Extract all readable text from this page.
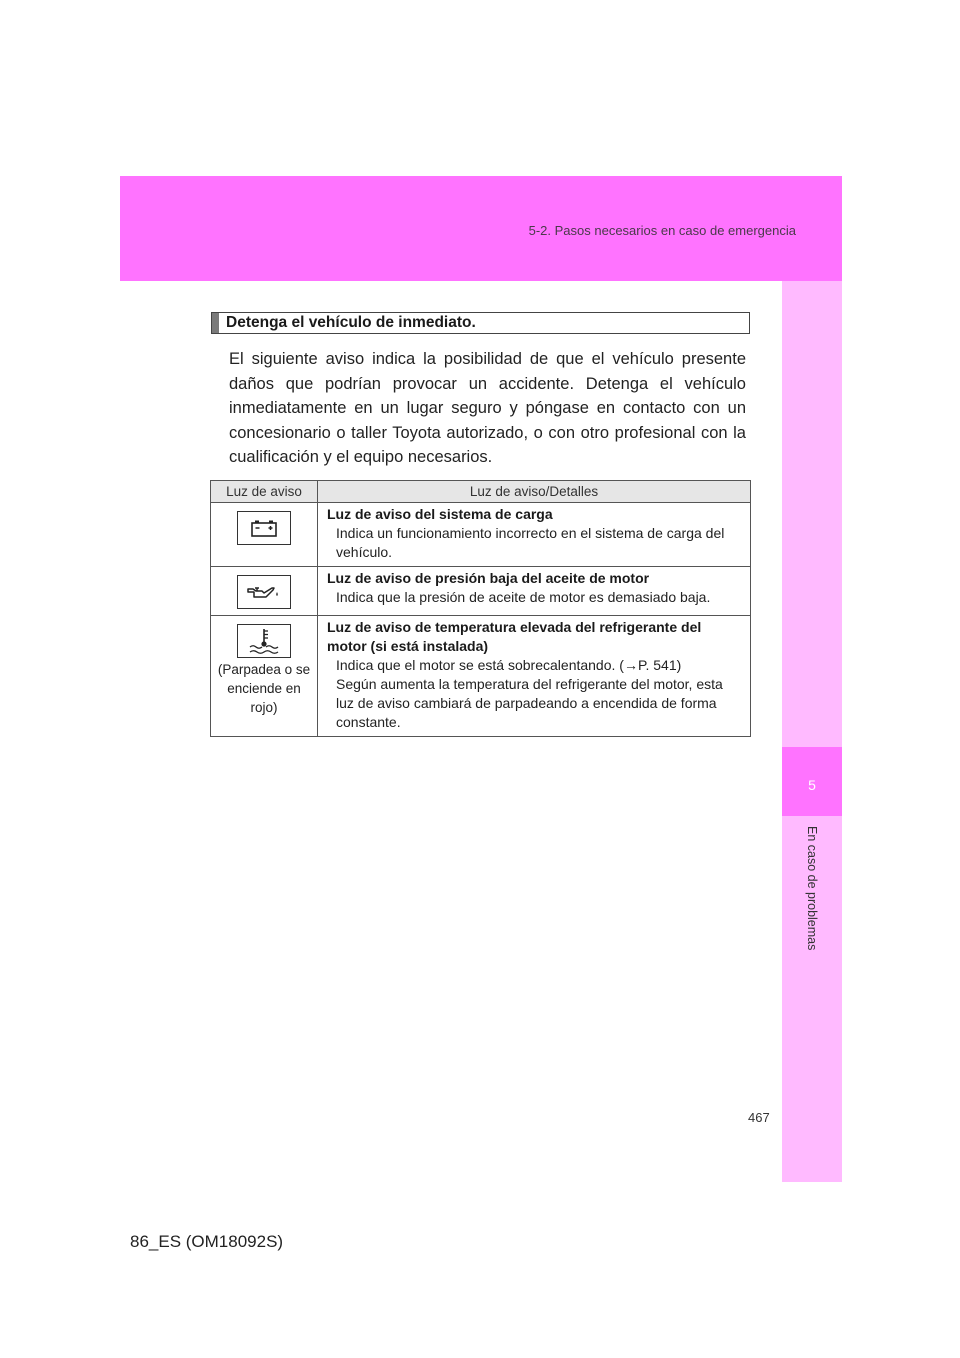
5-2. Pasos necesarios en caso de emergencia
5
En caso de problemas
Detenga el vehículo de inmediato.

El siguiente aviso indica la posibilidad de que el vehículo presente daños que podrían provocar un accidente. Detenga el vehículo inmediatamente en un lugar seguro y póngase en contacto con un concesionario o taller Toyota autorizado, o con otro profesional con la cualificación y el equipo necesarios.

Luz de aviso	Luz de aviso/Detalles

Luz de aviso del sistema de carga
Indica un funcionamiento incorrecto en el sistema de carga del vehículo.

Luz de aviso de presión baja del aceite de motor
Indica que la presión de aceite de motor es demasiado baja.

(Parpadea o se enciende en rojo)	Luz de aviso de temperatura elevada del refrigerante del motor (si está instalada)
Indica que el motor se está sobrecalentando. (→P. 541)
Según aumenta la temperatura del refrigerante del motor, esta luz de aviso cambiará de parpadeando a encendida de forma constante.
467
86_ES (OM18092S)
